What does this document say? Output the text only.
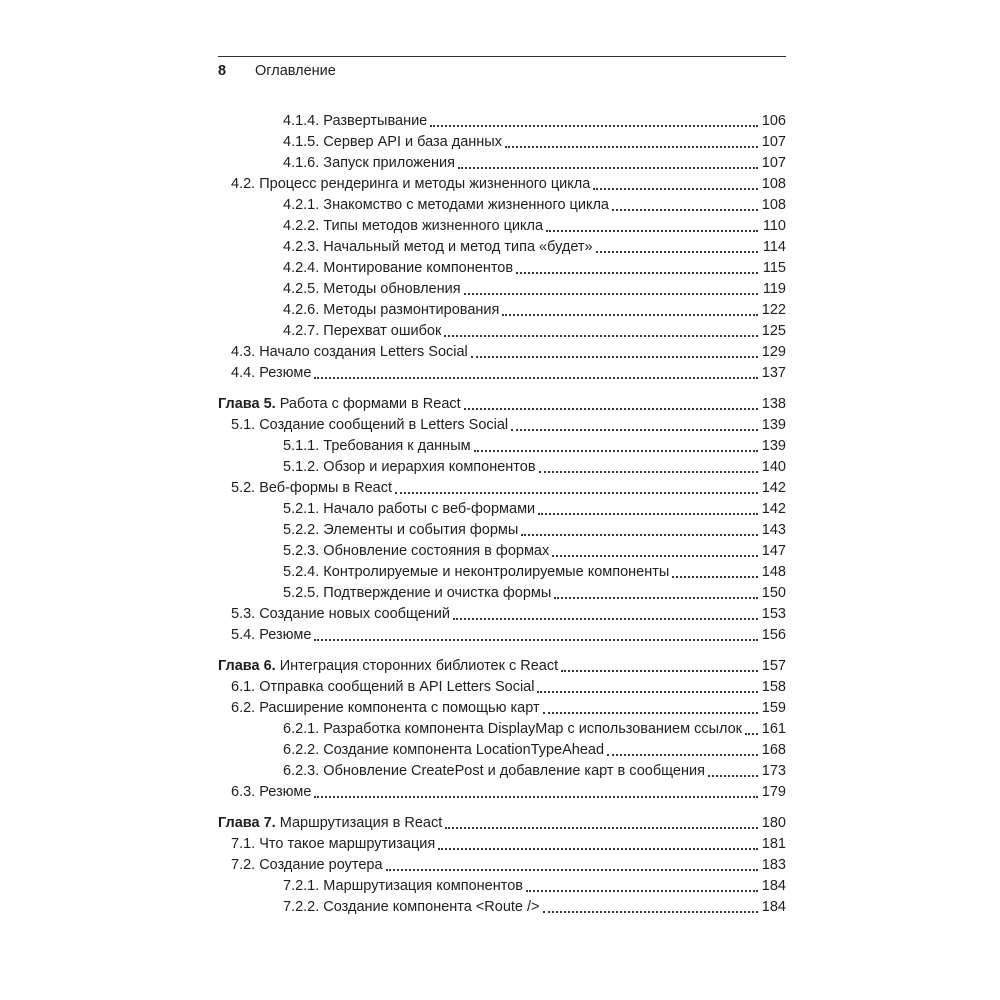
8 Оглавление
4.1.4. Развертывание	106
4.1.5. Сервер API и база данных	107
4.1.6. Запуск приложения	107
4.2. Процесс рендеринга и методы жизненного цикла	108
4.2.1. Знакомство с методами жизненного цикла	108
4.2.2. Типы методов жизненного цикла	110
4.2.3. Начальный метод и метод типа «будет»	114
4.2.4. Монтирование компонентов	115
4.2.5. Методы обновления	119
4.2.6. Методы размонтирования	122
4.2.7. Перехват ошибок	125
4.3. Начало создания Letters Social	129
4.4. Резюме	137
Глава 5. Работа с формами в React	138
5.1. Создание сообщений в Letters Social	139
5.1.1. Требования к данным	139
5.1.2. Обзор и иерархия компонентов	140
5.2. Веб-формы в React	142
5.2.1. Начало работы с веб-формами	142
5.2.2. Элементы и события формы	143
5.2.3. Обновление состояния в формах	147
5.2.4. Контролируемые и неконтролируемые компоненты	148
5.2.5. Подтверждение и очистка формы	150
5.3. Создание новых сообщений	153
5.4. Резюме	156
Глава 6. Интеграция сторонних библиотек с React	157
6.1. Отправка сообщений в API Letters Social	158
6.2. Расширение компонента с помощью карт	159
6.2.1. Разработка компонента DisplayMap с использованием ссылок 161
6.2.2. Создание компонента LocationTypeAhead	168
6.2.3. Обновление CreatePost и добавление карт в сообщения	173
6.3. Резюме	179
Глава 7. Маршрутизация в React	180
7.1. Что такое маршрутизация	181
7.2. Создание роутера	183
7.2.1. Маршрутизация компонентов	184
7.2.2. Создание компонента <Route />	184
